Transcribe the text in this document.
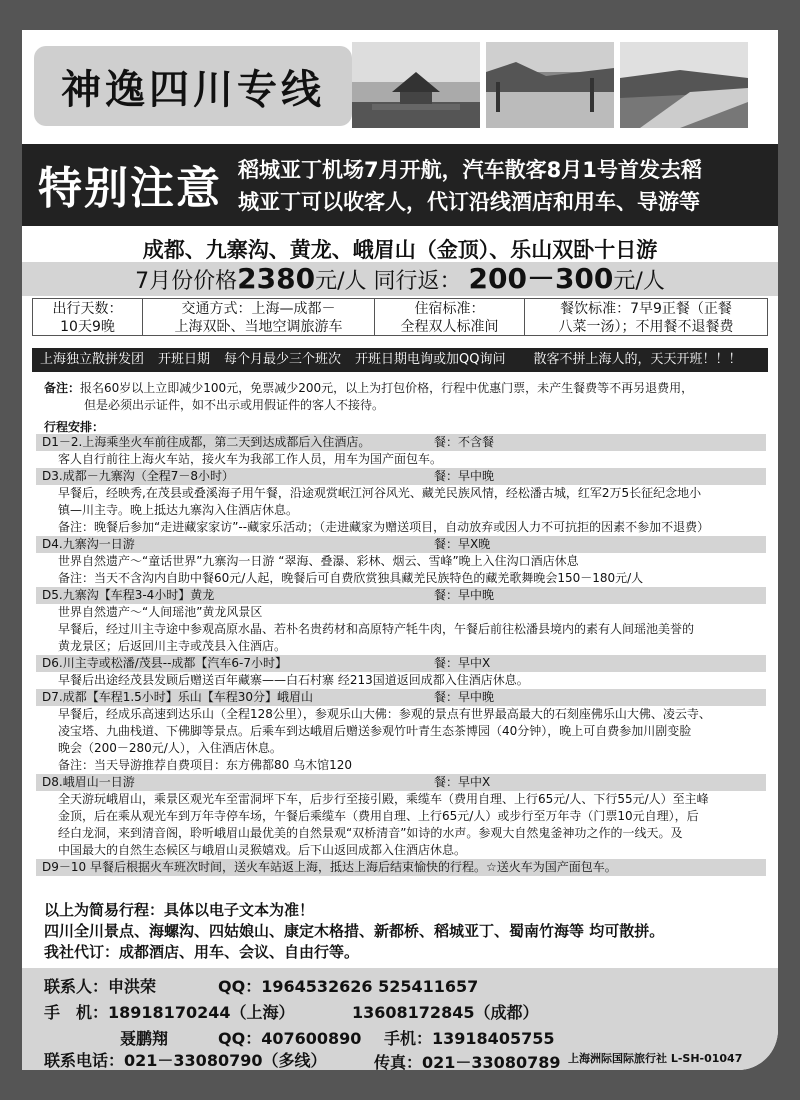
神逸四川专线
特别注意 稻城亚丁机场7月开航，汽车散客8月1号首发去稻
城亚丁可以收客人，代订沿线酒店和用车、导游等
成都、九寨沟、黄龙、峨眉山（金顶）、乐山双卧十日游
7月份价格2380元/人 同行返： 200－300元/人
出行天数：
10天9晚
交通方式：上海—成都－
上海双卧、当地空调旅游车
住宿标准：
全程双人标准间
餐饮标准：7早9正餐（正餐
八菜一汤）；不用餐不退餐费
上海独立散拼发团 开班日期 每个月最少三个班次 开班日期电询或加QQ询问 散客不拼上海人的，天天开班！！！
备注：报名60岁以上立即减少100元，免票减少200元，以上为打包价格，行程中优惠门票，未产生餐费等不再另退费用，
但是必须出示证件，如不出示或用假证件的客人不接待。
行程安排：
D1－2.上海乘坐火车前往成都，第二天到达成都后入住酒店。	餐：不含餐
客人自行前往上海火车站，接火车为我部工作人员，用车为国产面包车。
D3.成都－九寨沟（全程7－8小时）	餐：早中晚
早餐后，经映秀,在茂县或叠溪海子用午餐，沿途观赏岷江河谷风光、藏羌民族风情，经松潘古城，红军2万5长征纪念地小
镇—川主寺。晚上抵达九寨沟入住酒店休息。
备注：晚餐后参加“走进藏家家访”--藏家乐活动；（走进藏家为赠送项目，自动放弃或因人力不可抗拒的因素不参加不退费）
D4.九寨沟一日游	餐：早X晚
世界自然遗产～“童话世界”九寨沟一日游 “翠海、叠瀑、彩林、烟云、雪峰”晚上入住沟口酒店休息
备注：当天不含沟内自助中餐60元/人起，晚餐后可自费欣赏独具藏羌民族特色的藏羌歌舞晚会150－180元/人
D5.九寨沟【车程3-4小时】黄龙	餐：早中晚
世界自然遗产～“人间瑶池”黄龙风景区
早餐后，经过川主寺途中参观高原水晶、若朴名贵药材和高原特产牦牛肉，午餐后前往松潘县境内的素有人间瑶池美誉的
黄龙景区；后返回川主寺或茂县入住酒店。
D6.川主寺或松潘/茂县--成都【汽车6-7小时】	餐：早中X
早餐后出途经茂县发顾后赠送百年藏寨——白石村寨 经213国道返回成都入住酒店休息。
D7.成都【车程1.5小时】乐山【车程30分】峨眉山	餐：早中晚
早餐后，经成乐高速到达乐山（全程128公里），参观乐山大佛：参观的景点有世界最高最大的石刻座佛乐山大佛、凌云寺、
凌宝塔、九曲栈道、下佛脚等景点。后乘车到达峨眉后赠送参观竹叶青生态茶博园（40分钟），晚上可自费参加川剧变脸
晚会（200－280元/人），入住酒店休息。
备注：当天导游推荐自费项目：东方佛都80 乌木馆120
D8.峨眉山一日游	餐：早中X
全天游玩峨眉山，乘景区观光车至雷洞坪下车，后步行至接引殿，乘缆车（费用自理、上行65元/人、下行55元/人）至主峰
金顶，后在乘从观光车到万年寺停车场，午餐后乘缆车（费用自理、上行65元/人）或步行至万年寺（门票10元自理），后
经白龙洞，来到清音阁，聆听峨眉山最优美的自然景观“双桥清音”如诗的水声。参观大自然鬼釜神功之作的一线天。及
中国最大的自然生态候区与峨眉山灵猴嬉戏。后下山返回成都入住酒店休息。
D9－10 早餐后根据火车班次时间，送火车站返上海，抵达上海后结束愉快的行程。☆送火车为国产面包车。
以上为简易行程：具体以电子文本为准！
四川全川景点、海螺沟、四姑娘山、康定木格措、新都桥、稻城亚丁、蜀南竹海等 均可散拼。
我社代订：成都酒店、用车、会议、自由行等。
联系人：申洪荣	QQ：1964532626 525411657
手　机：18918170244（上海）	13608172845（成都）
聂鹏翔	QQ：407600890 手机：13918405755
联系电话：021－33080790（多线）	传真：021－33080789 上海洲际国际旅行社 L-SH-01047
